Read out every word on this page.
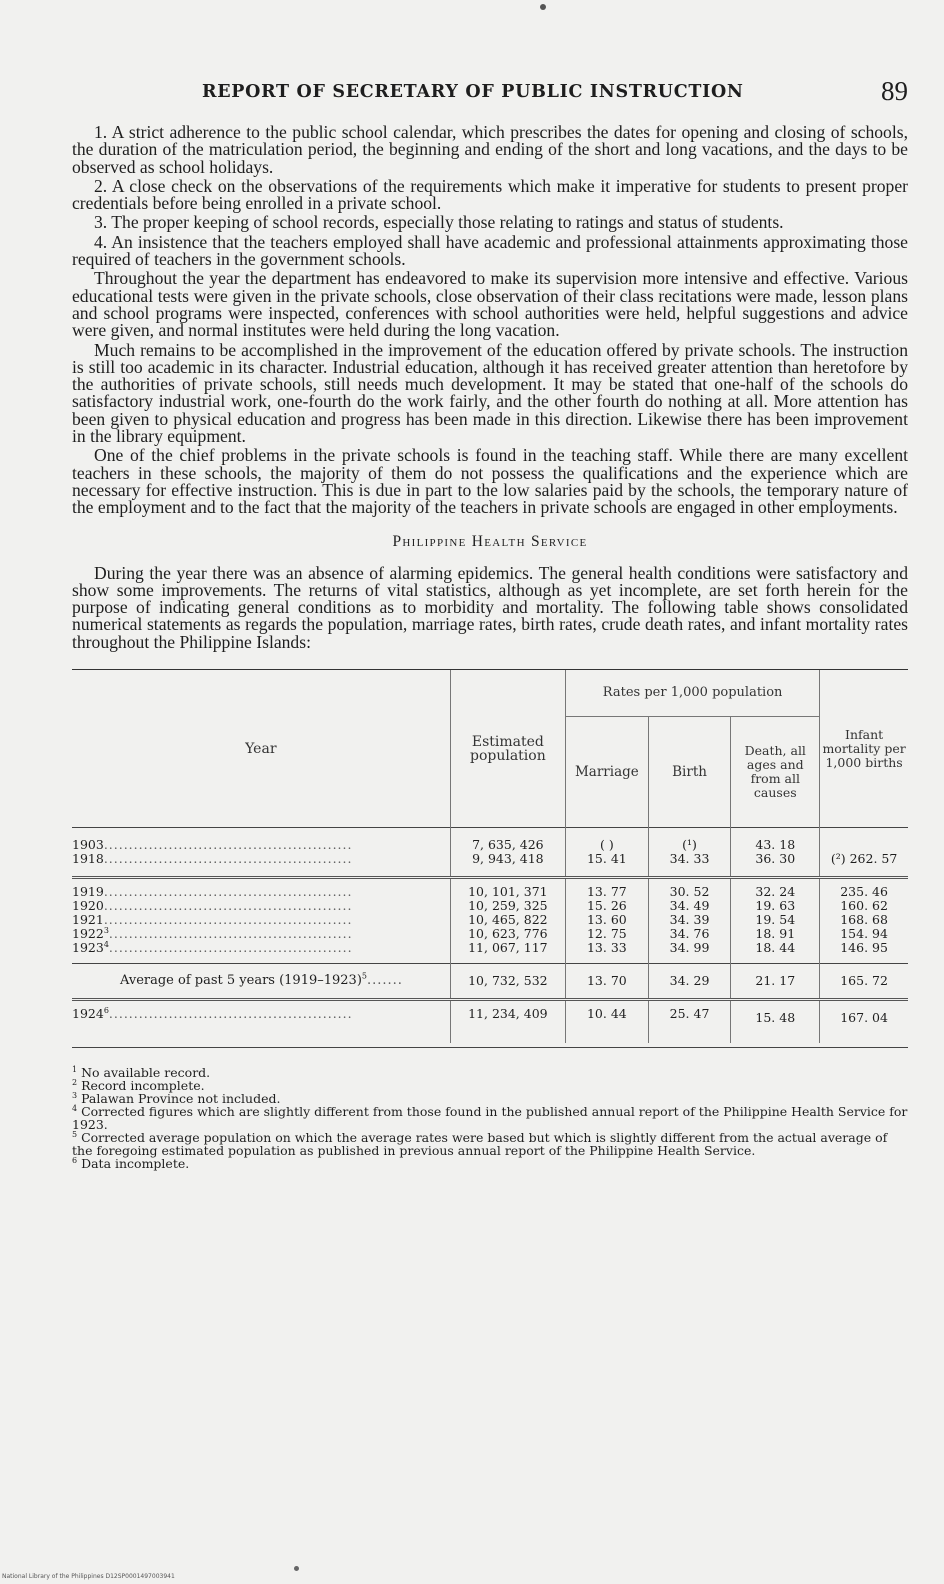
REPORT OF SECRETARY OF PUBLIC INSTRUCTION	89

1. A strict adherence to the public school calendar, which prescribes the dates for opening and closing of schools, the duration of the matriculation period, the beginning and ending of the short and long vacations, and the days to be observed as school holidays.

2. A close check on the observations of the requirements which make it imperative for students to present proper credentials before being enrolled in a private school.

3. The proper keeping of school records, especially those relating to ratings and status of students.

4. An insistence that the teachers employed shall have academic and professional attainments approximating those required of teachers in the government schools.

Throughout the year the department has endeavored to make its supervision more intensive and effective. Various educational tests were given in the private schools, close observation of their class recitations were made, lesson plans and school programs were inspected, conferences with school authorities were held, helpful suggestions and advice were given, and normal institutes were held during the long vacation.

Much remains to be accomplished in the improvement of the education offered by private schools. The instruction is still too academic in its character. Industrial education, although it has received greater attention than heretofore by the authorities of private schools, still needs much development. It may be stated that one-half of the schools do satisfactory industrial work, one-fourth do the work fairly, and the other fourth do nothing at all. More attention has been given to physical education and progress has been made in this direction. Likewise there has been improvement in the library equipment.

One of the chief problems in the private schools is found in the teaching staff. While there are many excellent teachers in these schools, the majority of them do not possess the qualifications and the experience which are necessary for effective instruction. This is due in part to the low salaries paid by the schools, the temporary nature of the employment and to the fact that the majority of the teachers in private schools are engaged in other employments.

Philippine Health Service

During the year there was an absence of alarming epidemics. The general health conditions were satisfactory and show some improvements. The returns of vital statistics, although as yet incomplete, are set forth herein for the purpose of indicating general conditions as to morbidity and mortality. The following table shows consolidated numerical statements as regards the population, marriage rates, birth rates, crude death rates, and infant mortality rates throughout the Philippine Islands:

Year	Estimated population	Rates per 1,000 population			Infant mortality per 1,000 births
		Marriage	Birth	Death, all ages and from all causes	
1903..................................................	7, 635, 426	( )	(¹)	43. 18	
1918..................................................	9, 943, 418	15. 41	34. 33	36. 30	(²) 262. 57
1919..................................................	10, 101, 371	13. 77	30. 52	32. 24	235. 46
1920..................................................	10, 259, 325	15. 26	34. 49	19. 63	160. 62
1921..................................................	10, 465, 822	13. 60	34. 39	19. 54	168. 68
1922$^3$.................................................	10, 623, 776	12. 75	34. 76	18. 91	154. 94
1923$^4$.................................................	11, 067, 117	13. 33	34. 99	18. 44	146. 95
Average of past 5 years (1919–1923)$^5$.......	10, 732, 532	13. 70	34. 29	21. 17	165. 72
1924$^6$.................................................	11, 234, 409	10. 44	25. 47	15. 48	167. 04

$^1$ No available record.

$^2$ Record incomplete.

$^3$ Palawan Province not included.

$^4$ Corrected figures which are slightly different from those found in the published annual report of the Philippine Health Service for 1923.

$^5$ Corrected average population on which the average rates were based but which is slightly different from the actual average of the foregoing estimated population as published in previous annual report of the Philippine Health Service.

$^6$ Data incomplete.

National Library of the Philippines D12SP0001497003941
